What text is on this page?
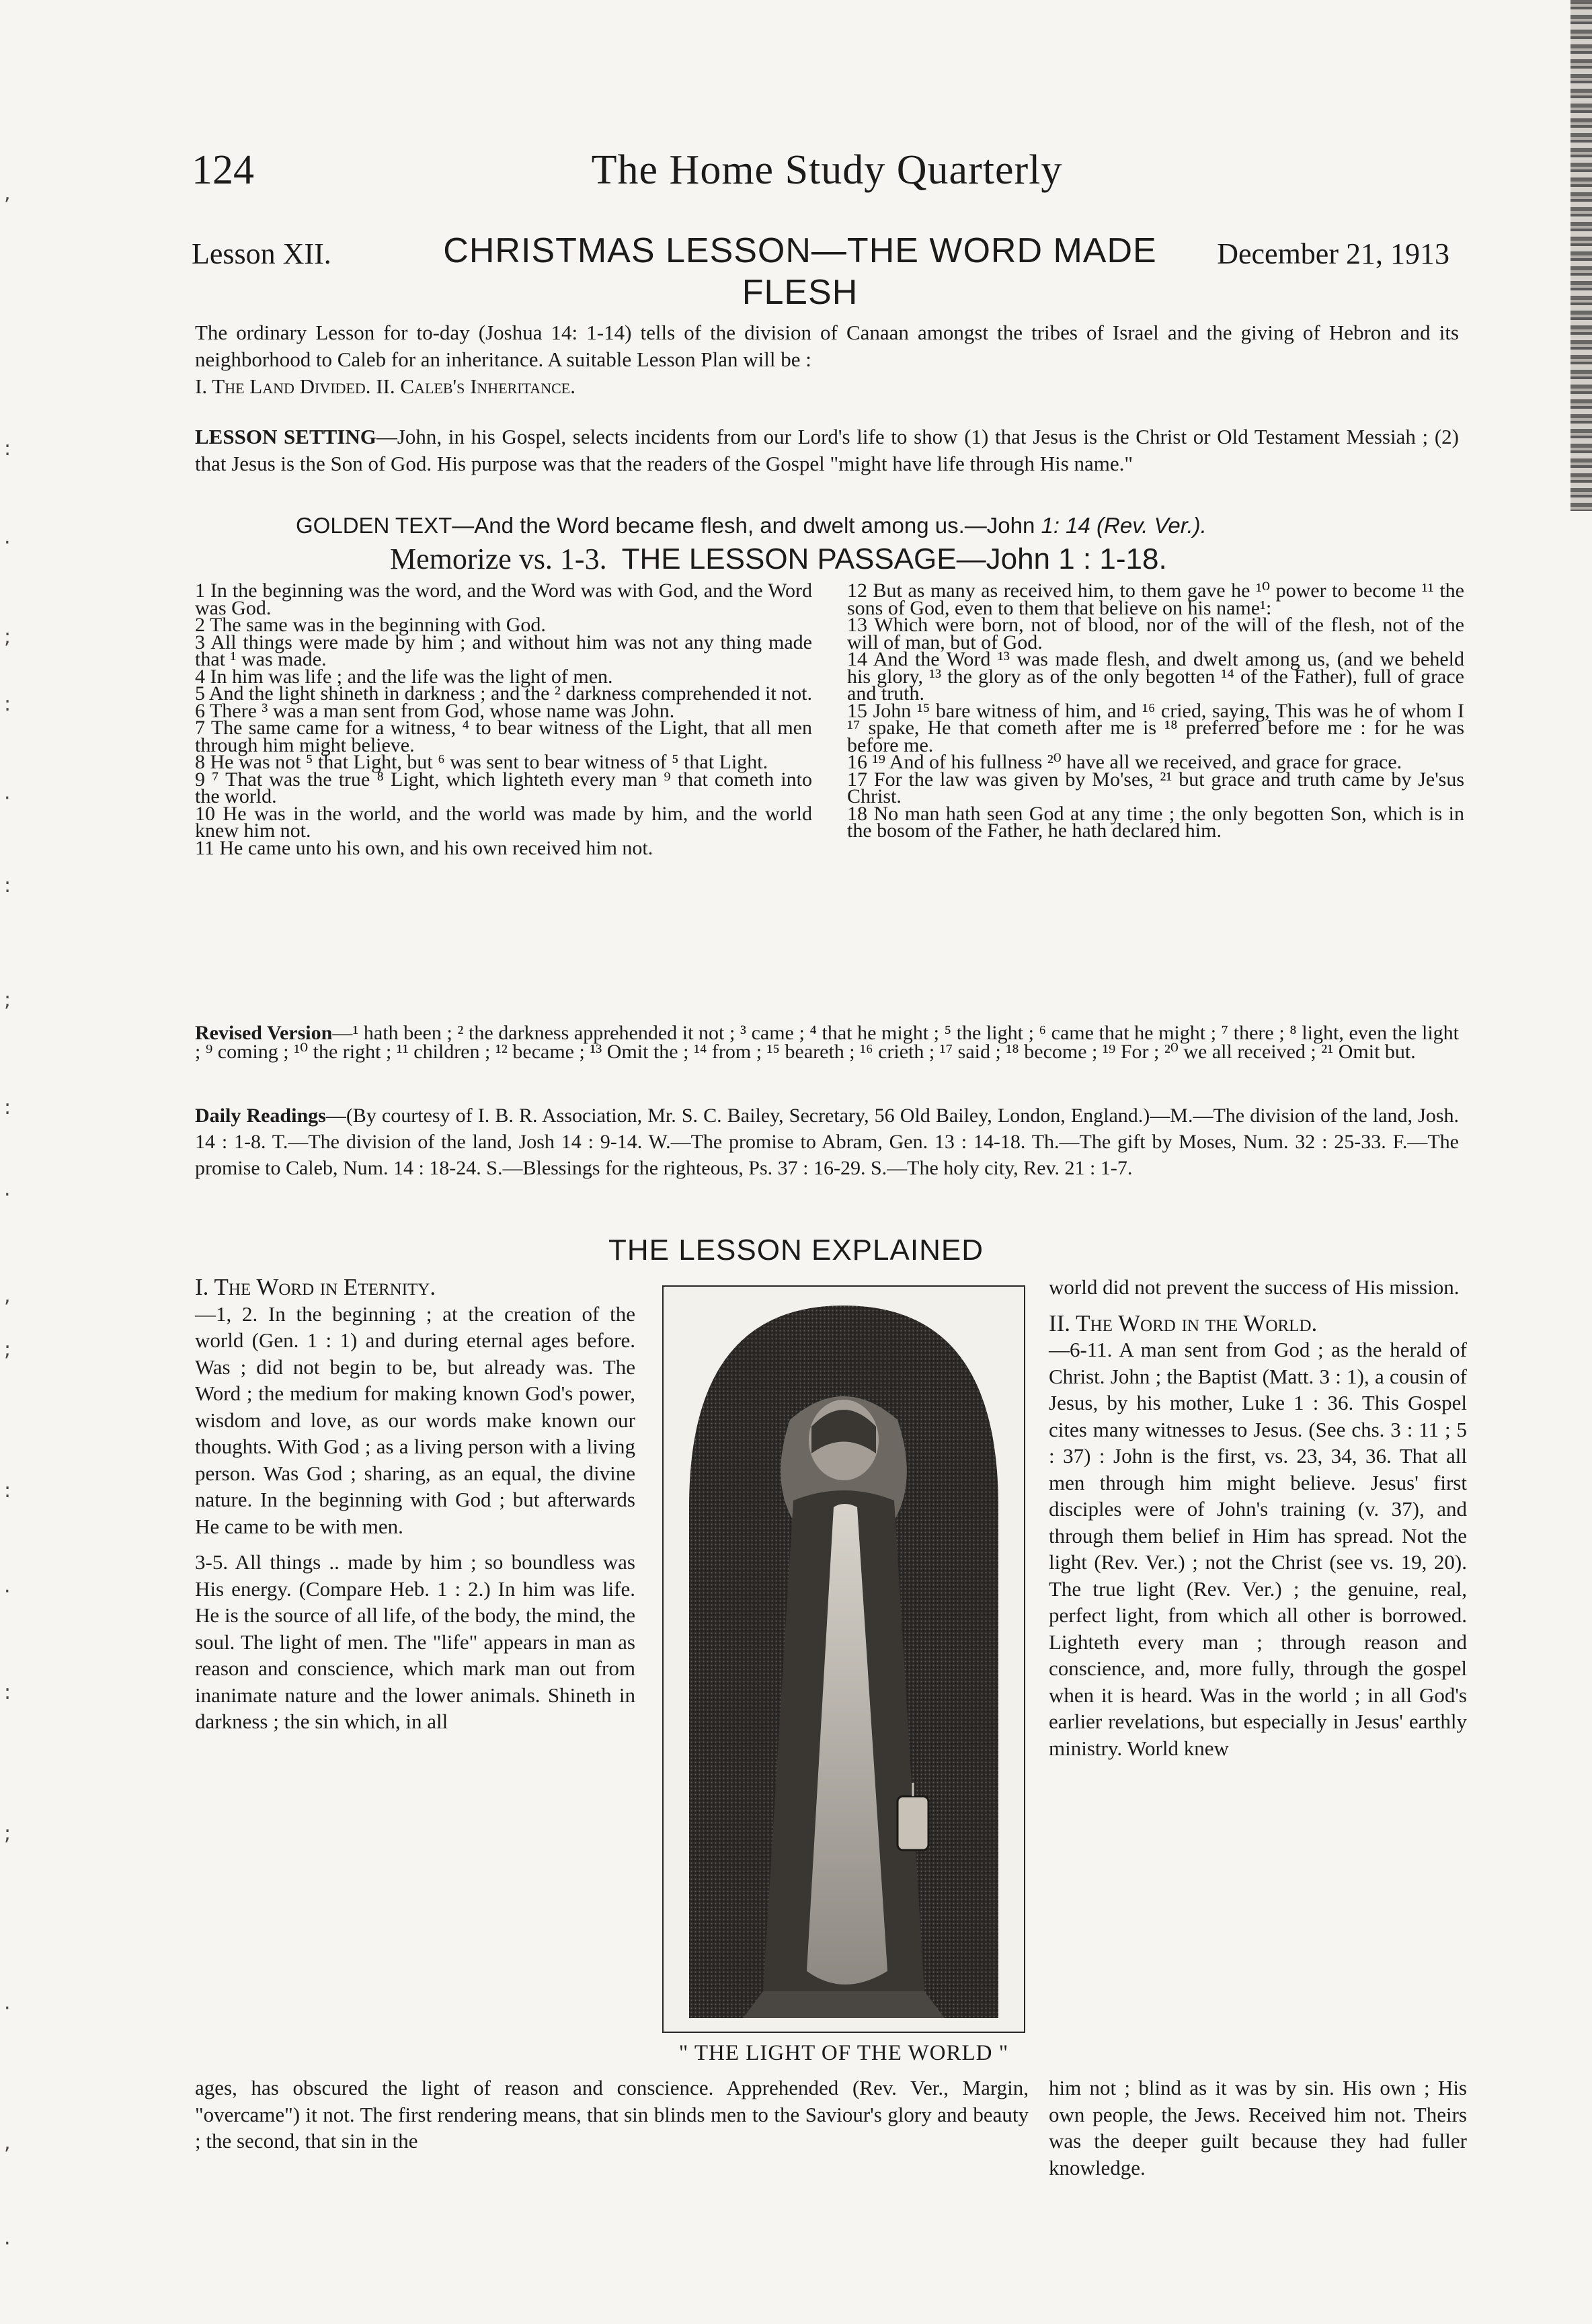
,
:
·
;
:
·
:
;
:
·
,
;
:
·
:
;
·
,
·
124	The Home Study Quarterly
Lesson XII.	CHRISTMAS LESSON—THE WORD MADE FLESH
December 21, 1913
The ordinary Lesson for to-day (Joshua 14: 1-14) tells of the division of Canaan amongst the tribes of Israel and the giving of Hebron and its neighborhood to Caleb for an inheritance. A suitable Lesson Plan will be :
I. The Land Divided. II. Caleb's Inheritance.
LESSON SETTING—John, in his Gospel, selects incidents from our Lord's life to show (1) that Jesus is the Christ or Old Testament Messiah ; (2) that Jesus is the Son of God. His purpose was that the readers of the Gospel "might have life through His name."
GOLDEN TEXT—And the Word became flesh, and dwelt among us.—John 1: 14 (Rev. Ver.).
Memorize vs. 1-3. THE LESSON PASSAGE—John 1 : 1-18.

1 In the beginning was the word, and the Word was with God, and the Word was God.

2 The same was in the beginning with God.

3 All things were made by him ; and without him was not any thing made that ¹ was made.

4 In him was life ; and the life was the light of men.

5 And the light shineth in darkness ; and the ² darkness comprehended it not.

6 There ³ was a man sent from God, whose name was John.

7 The same came for a witness, ⁴ to bear witness of the Light, that all men through him might believe.

8 He was not ⁵ that Light, but ⁶ was sent to bear witness of ⁵ that Light.

9 ⁷ That was the true ⁸ Light, which lighteth every man ⁹ that cometh into the world.

10 He was in the world, and the world was made by him, and the world knew him not.

11 He came unto his own, and his own received him not.

12 But as many as received him, to them gave he ¹⁰ power to become ¹¹ the sons of God, even to them that believe on his name¹:

13 Which were born, not of blood, nor of the will of the flesh, not of the will of man, but of God.

14 And the Word ¹³ was made flesh, and dwelt among us, (and we beheld his glory, ¹³ the glory as of the only begotten ¹⁴ of the Father), full of grace and truth.

15 John ¹⁵ bare witness of him, and ¹⁶ cried, saying, This was he of whom I ¹⁷ spake, He that cometh after me is ¹⁸ preferred before me : for he was before me.

16 ¹⁹ And of his fullness ²⁰ have all we received, and grace for grace.

17 For the law was given by Mo'ses, ²¹ but grace and truth came by Je'sus Christ.

18 No man hath seen God at any time ; the only begotten Son, which is in the bosom of the Father, he hath declared him.

Revised Version—¹ hath been ; ² the darkness apprehended it not ; ³ came ; ⁴ that he might ; ⁵ the light ; ⁶ came that he might ; ⁷ there ; ⁸ light, even the light ; ⁹ coming ; ¹⁰ the right ; ¹¹ children ; ¹² became ; ¹³ Omit the ; ¹⁴ from ; ¹⁵ beareth ; ¹⁶ crieth ; ¹⁷ said ; ¹⁸ become ; ¹⁹ For ; ²⁰ we all received ; ²¹ Omit but.
Daily Readings—(By courtesy of I. B. R. Association, Mr. S. C. Bailey, Secretary, 56 Old Bailey, London, England.)—M.—The division of the land, Josh. 14 : 1-8. T.—The division of the land, Josh 14 : 9-14. W.—The promise to Abram, Gen. 13 : 14-18. Th.—The gift by Moses, Num. 32 : 25-33. F.—The promise to Caleb, Num. 14 : 18-24. S.—Blessings for the righteous, Ps. 37 : 16-29. S.—The holy city, Rev. 21 : 1-7.
THE LESSON EXPLAINED

I. The Word in Eternity.

—1, 2. In the beginning ; at the creation of the world (Gen. 1 : 1) and during eternal ages before. Was ; did not begin to be, but already was. The Word ; the medium for making known God's power, wisdom and love, as our words make known our thoughts. With God ; as a living person with a living person. Was God ; sharing, as an equal, the divine nature. In the beginning with God ; but afterwards He came to be with men.

3-5. All things .. made by him ; so boundless was His energy. (Compare Heb. 1 : 2.) In him was life. He is the source of all life, of the body, the mind, the soul. The light of men. The "life" appears in man as reason and conscience, which mark man out from inanimate nature and the lower animals. Shineth in darkness ; the sin which, in all

world did not prevent the success of His mission.

II. The Word in the World.

—6-11. A man sent from God ; as the herald of Christ. John ; the Baptist (Matt. 3 : 1), a cousin of Jesus, by his mother, Luke 1 : 36. This Gospel cites many witnesses to Jesus. (See chs. 3 : 11 ; 5 : 37) : John is the first, vs. 23, 34, 36. That all men through him might believe. Jesus' first disciples were of John's training (v. 37), and through them belief in Him has spread. Not the light (Rev. Ver.) ; not the Christ (see vs. 19, 20). The true light (Rev. Ver.) ; the genuine, real, perfect light, from which all other is borrowed. Lighteth every man ; through reason and conscience, and, more fully, through the gospel when it is heard. Was in the world ; in all God's earlier revelations, but especially in Jesus' earthly ministry. World knew

" THE LIGHT OF THE WORLD "

ages, has obscured the light of reason and conscience. Apprehended (Rev. Ver., Margin, "overcame") it not. The first rendering means, that sin blinds men to the Saviour's glory and beauty ; the second, that sin in the

him not ; blind as it was by sin. His own ; His own people, the Jews. Received him not. Theirs was the deeper guilt because they had fuller knowledge.
